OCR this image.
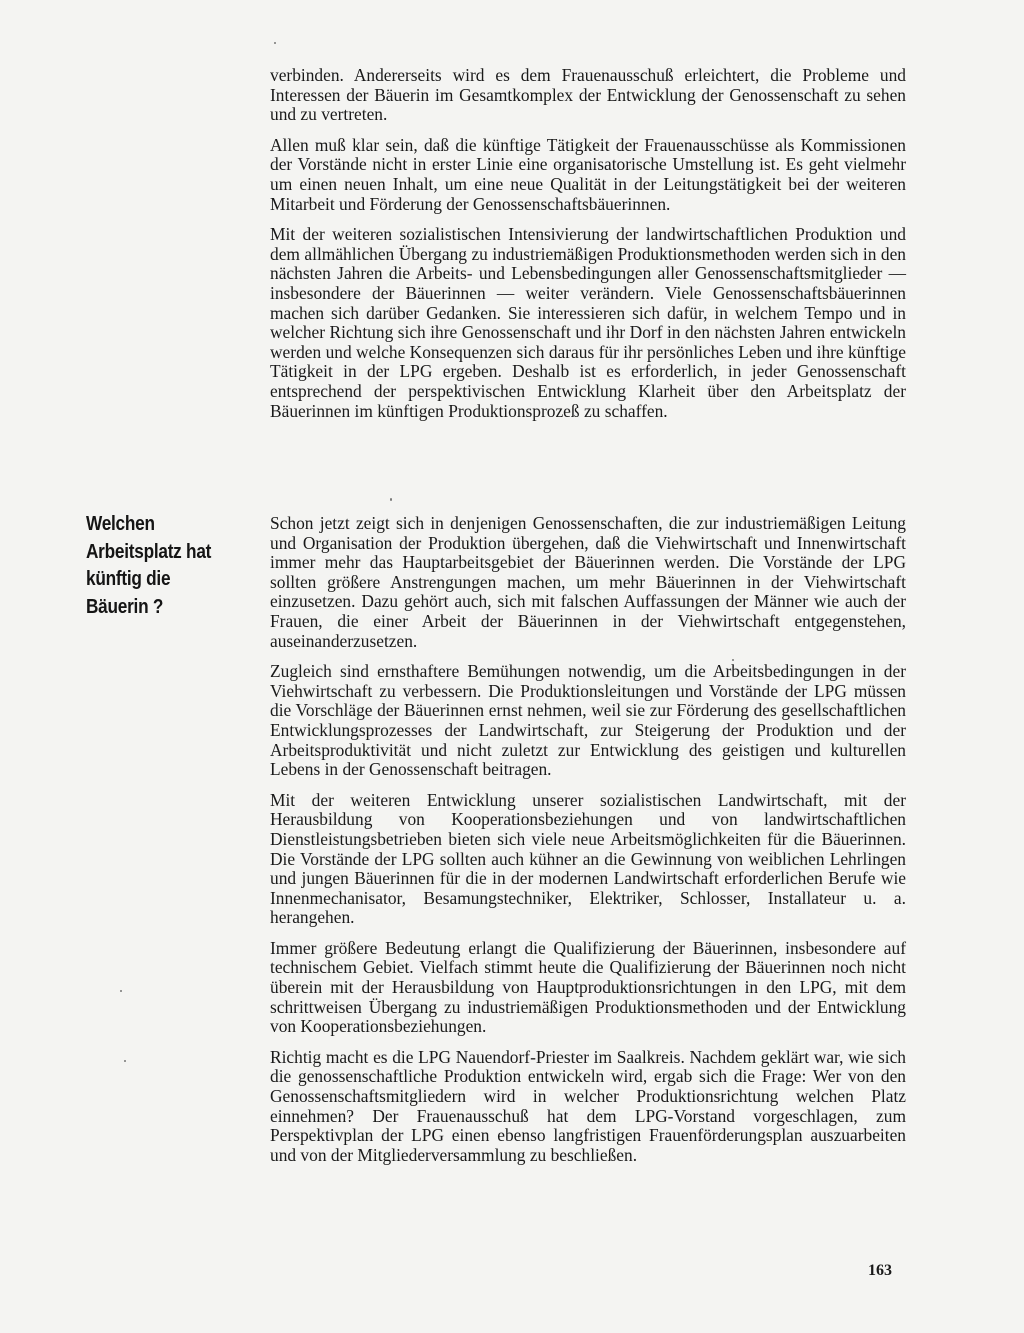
verbinden. Andererseits wird es dem Frauenausschuß erleichtert, die Probleme und Interessen der Bäuerin im Gesamtkomplex der Entwicklung der Genossenschaft zu sehen und zu vertreten.

Allen muß klar sein, daß die künftige Tätigkeit der Frauenausschüsse als Kommissionen der Vorstände nicht in erster Linie eine organisatorische Umstellung ist. Es geht vielmehr um einen neuen Inhalt, um eine neue Qualität in der Leitungstätigkeit bei der weiteren Mitarbeit und Förderung der Genossenschaftsbäuerinnen.

Mit der weiteren sozialistischen Intensivierung der landwirtschaftlichen Produktion und dem allmählichen Übergang zu industriemäßigen Produktionsmethoden werden sich in den nächsten Jahren die Arbeits- und Lebensbedingungen aller Genossenschaftsmitglieder — insbesondere der Bäuerinnen — weiter verändern. Viele Genossenschaftsbäuerinnen machen sich darüber Gedanken. Sie interessieren sich dafür, in welchem Tempo und in welcher Richtung sich ihre Genossenschaft und ihr Dorf in den nächsten Jahren entwickeln werden und welche Konsequenzen sich daraus für ihr persönliches Leben und ihre künftige Tätigkeit in der LPG ergeben. Deshalb ist es erforderlich, in jeder Genossenschaft entsprechend der perspektivischen Entwicklung Klarheit über den Arbeitsplatz der Bäuerinnen im künftigen Produktionsprozeß zu schaffen.

Welchen
Arbeitsplatz hat
künftig die
Bäuerin ?

Schon jetzt zeigt sich in denjenigen Genossenschaften, die zur industriemäßigen Leitung und Organisation der Produktion übergehen, daß die Viehwirtschaft und Innenwirtschaft immer mehr das Hauptarbeitsgebiet der Bäuerinnen werden. Die Vorstände der LPG sollten größere Anstrengungen machen, um mehr Bäuerinnen in der Viehwirtschaft einzusetzen. Dazu gehört auch, sich mit falschen Auffassungen der Männer wie auch der Frauen, die einer Arbeit der Bäuerinnen in der Viehwirtschaft entgegenstehen, auseinanderzusetzen.

Zugleich sind ernsthaftere Bemühungen notwendig, um die Arbeitsbedingungen in der Viehwirtschaft zu verbessern. Die Produktionsleitungen und Vorstände der LPG müssen die Vorschläge der Bäuerinnen ernst nehmen, weil sie zur Förderung des gesellschaftlichen Entwicklungsprozesses der Landwirtschaft, zur Steigerung der Produktion und der Arbeitsproduktivität und nicht zuletzt zur Entwicklung des geistigen und kulturellen Lebens in der Genossenschaft beitragen.

Mit der weiteren Entwicklung unserer sozialistischen Landwirtschaft, mit der Herausbildung von Kooperationsbeziehungen und von landwirtschaftlichen Dienstleistungsbetrieben bieten sich viele neue Arbeitsmöglichkeiten für die Bäuerinnen. Die Vorstände der LPG sollten auch kühner an die Gewinnung von weiblichen Lehrlingen und jungen Bäuerinnen für die in der modernen Landwirtschaft erforderlichen Berufe wie Innenmechanisator, Besamungstechniker, Elektriker, Schlosser, Installateur u. a. herangehen.

Immer größere Bedeutung erlangt die Qualifizierung der Bäuerinnen, insbesondere auf technischem Gebiet. Vielfach stimmt heute die Qualifizierung der Bäuerinnen noch nicht überein mit der Herausbildung von Hauptproduktionsrichtungen in den LPG, mit dem schrittweisen Übergang zu industriemäßigen Produktionsmethoden und der Entwicklung von Kooperationsbeziehungen.

Richtig macht es die LPG Nauendorf-Priester im Saalkreis. Nachdem geklärt war, wie sich die genossenschaftliche Produktion entwickeln wird, ergab sich die Frage: Wer von den Genossenschaftsmitgliedern wird in welcher Produktionsrichtung welchen Platz einnehmen? Der Frauenausschuß hat dem LPG-Vorstand vorgeschlagen, zum Perspektivplan der LPG einen ebenso langfristigen Frauenförderungsplan auszuarbeiten und von der Mitgliederversammlung zu beschließen.

163
